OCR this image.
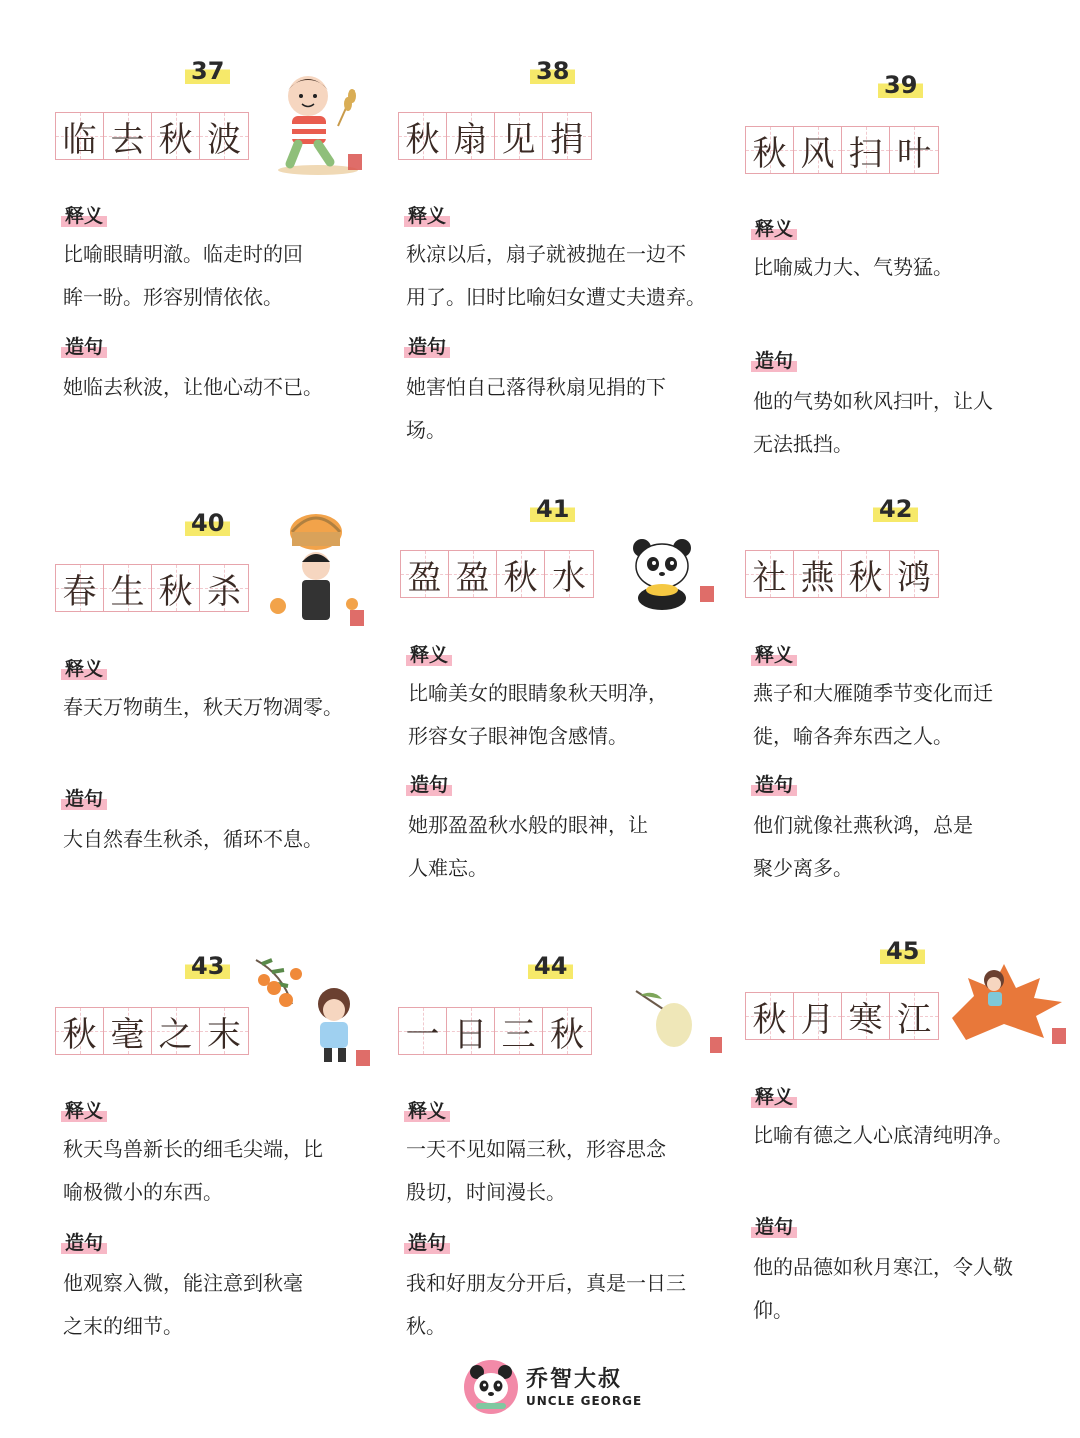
37
临 去 秋 波
释义
比喻眼睛明澈。临走时的回
眸一盼。形容别情依依。
造句
她临去秋波，让他心动不已。
38
秋 扇 见 捐
释义
秋凉以后，扇子就被抛在一边不
用了。旧时比喻妇女遭丈夫遗弃。
造句
她害怕自己落得秋扇见捐的下
场。
39
秋 风 扫 叶
释义
比喻威力大、气势猛。
造句
他的气势如秋风扫叶，让人
无法抵挡。
40
春 生 秋 杀
释义
春天万物萌生，秋天万物凋零。
造句
大自然春生秋杀，循环不息。
41
盈 盈 秋 水
释义
比喻美女的眼睛象秋天明净，
形容女子眼神饱含感情。
造句
她那盈盈秋水般的眼神，让
人难忘。
42
社 燕 秋 鸿
释义
燕子和大雁随季节变化而迁
徙，喻各奔东西之人。
造句
他们就像社燕秋鸿，总是
聚少离多。
43
秋 毫 之 末
释义
秋天鸟兽新长的细毛尖端，比
喻极微小的东西。
造句
他观察入微，能注意到秋毫
之末的细节。
44
一 日 三 秋
释义
一天不见如隔三秋，形容思念
殷切，时间漫长。
造句
我和好朋友分开后，真是一日三
秋。
45
秋 月 寒 江
释义
比喻有德之人心底清纯明净。
造句
他的品德如秋月寒江，令人敬
仰。
乔智大叔
UNCLE GEORGE
